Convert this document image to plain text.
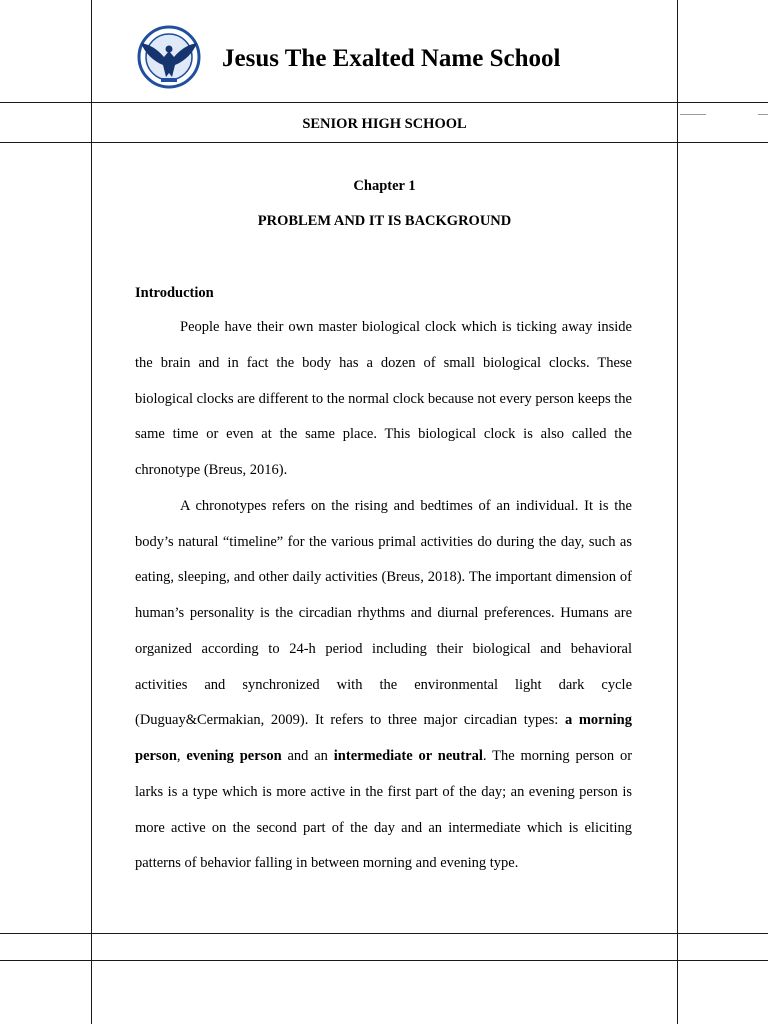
Jesus The Exalted Name School
SENIOR HIGH SCHOOL
Chapter 1
PROBLEM AND IT IS BACKGROUND
Introduction

People have their own master biological clock which is ticking away inside the brain and in fact the body has a dozen of small biological clocks. These biological clocks are different to the normal clock because not every person keeps the same time or even at the same place. This biological clock is also called the chronotype (Breus, 2016).

A chronotypes refers on the rising and bedtimes of an individual. It is the body’s natural “timeline” for the various primal activities do during the day, such as eating, sleeping, and other daily activities (Breus, 2018). The important dimension of human’s personality is the circadian rhythms and diurnal preferences. Humans are organized according to 24-h period including their biological and behavioral activities and synchronized with the environmental light dark cycle (Duguay&Cermakian, 2009). It refers to three major circadian types: a morning person, evening person and an intermediate or neutral. The morning person or larks is a type which is more active in the first part of the day; an evening person is more active on the second part of the day and an intermediate which is eliciting patterns of behavior falling in between morning and evening type.
